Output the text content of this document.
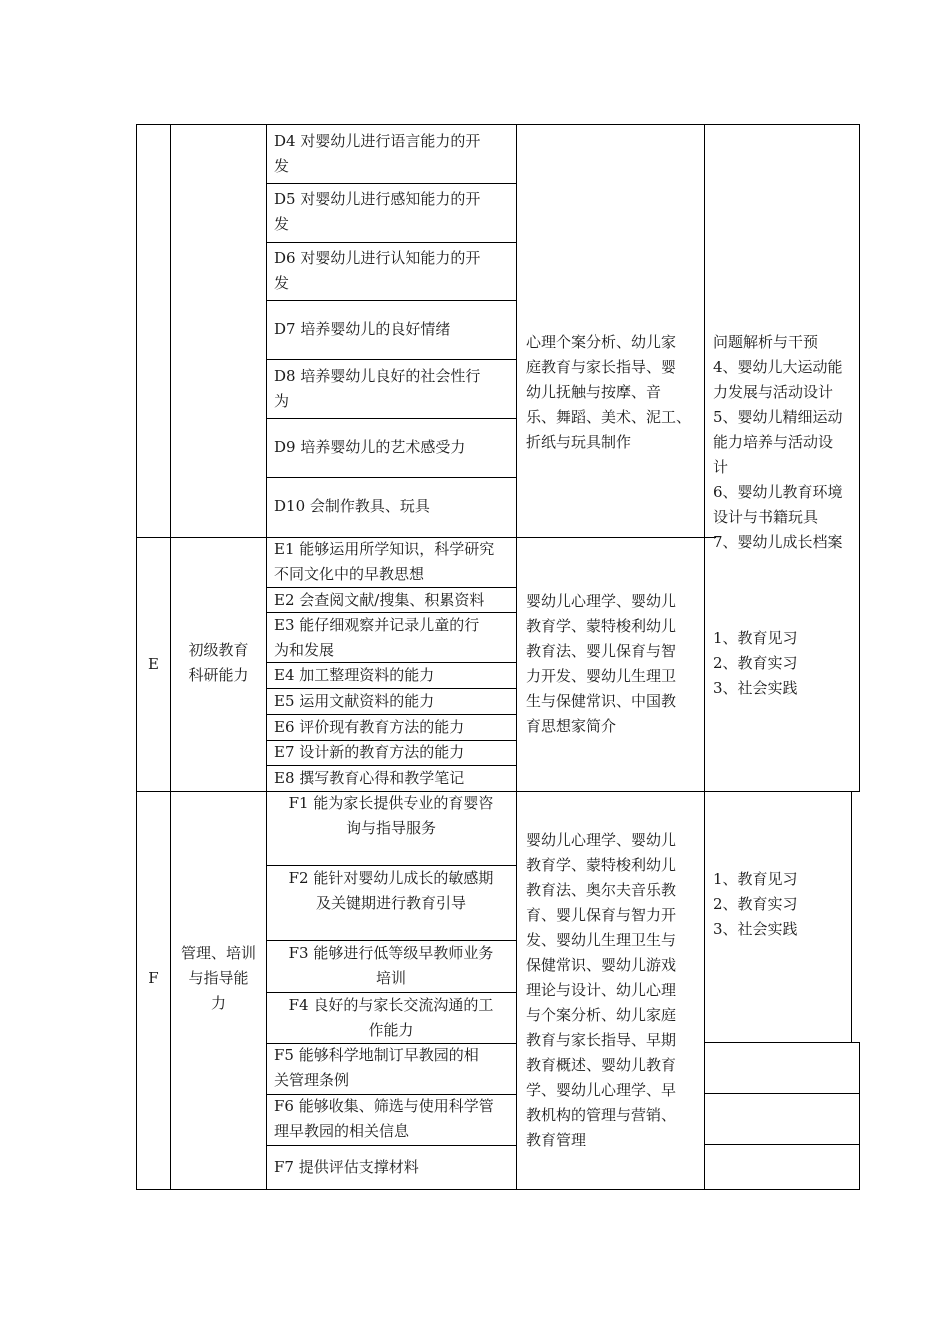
D4 对婴幼儿进行语言能力的开
发
D5 对婴幼儿进行感知能力的开
发
D6 对婴幼儿进行认知能力的开
发
D7 培养婴幼儿的良好情绪
D8 培养婴幼儿良好的社会性行
为
D9 培养婴幼儿的艺术感受力
D10 会制作教具、玩具
心理个案分析、幼儿家
庭教育与家长指导、婴
幼儿抚触与按摩、音
乐、舞蹈、美术、泥工、
折纸与玩具制作
问题解析与干预
4、婴幼儿大运动能
力发展与活动设计
5、婴幼儿精细运动
能力培养与活动设
计
6、婴幼儿教育环境
设计与书籍玩具
7、婴幼儿成长档案
E
初级教育
科研能力
E1 能够运用所学知识，科学研究
不同文化中的早教思想
E2 会查阅文献/搜集、积累资料
E3 能仔细观察并记录儿童的行
为和发展
E4 加工整理资料的能力
E5 运用文献资料的能力
E6 评价现有教育方法的能力
E7 设计新的教育方法的能力
E8 撰写教育心得和教学笔记
婴幼儿心理学、婴幼儿
教育学、蒙特梭利幼儿
教育法、婴儿保育与智
力开发、婴幼儿生理卫
生与保健常识、中国教
育思想家简介
1、教育见习
2、教育实习
3、社会实践
F
管理、培训
与指导能
力
F1 能为家长提供专业的育婴咨
询与指导服务
F2 能针对婴幼儿成长的敏感期
及关键期进行教育引导
F3 能够进行低等级早教师业务
培训
F4 良好的与家长交流沟通的工
作能力
F5 能够科学地制订早教园的相
关管理条例
F6 能够收集、筛选与使用科学管
理早教园的相关信息
F7 提供评估支撑材料
婴幼儿心理学、婴幼儿
教育学、蒙特梭利幼儿
教育法、奥尔夫音乐教
育、婴儿保育与智力开
发、婴幼儿生理卫生与
保健常识、婴幼儿游戏
理论与设计、幼儿心理
与个案分析、幼儿家庭
教育与家长指导、早期
教育概述、婴幼儿教育
学、婴幼儿心理学、早
教机构的管理与营销、
教育管理
1、教育见习
2、教育实习
3、社会实践
